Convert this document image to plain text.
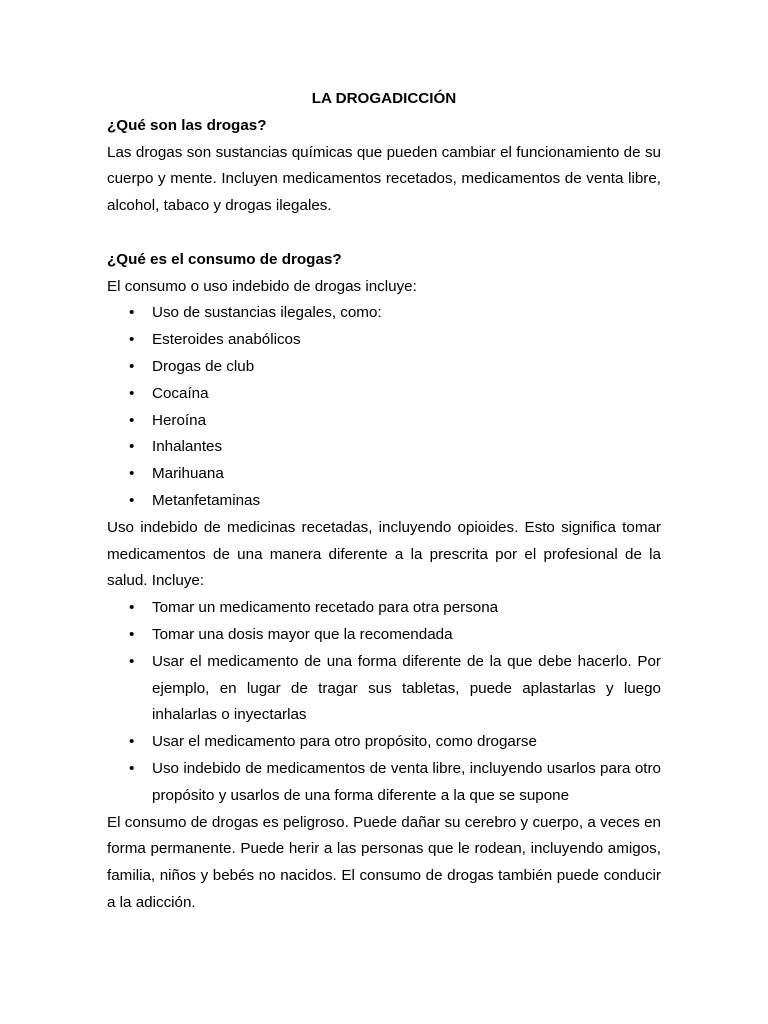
LA DROGADICCIÓN

¿Qué son las drogas?

Las drogas son sustancias químicas que pueden cambiar el funcionamiento de su cuerpo y mente. Incluyen medicamentos recetados, medicamentos de venta libre, alcohol, tabaco y drogas ilegales.

¿Qué es el consumo de drogas?

El consumo o uso indebido de drogas incluye:

• Uso de sustancias ilegales, como:
• Esteroides anabólicos
• Drogas de club
• Cocaína
• Heroína
• Inhalantes
• Marihuana
• Metanfetaminas

Uso indebido de medicinas recetadas, incluyendo opioides. Esto significa tomar medicamentos de una manera diferente a la prescrita por el profesional de la salud. Incluye:

• Tomar un medicamento recetado para otra persona
• Tomar una dosis mayor que la recomendada
• Usar el medicamento de una forma diferente de la que debe hacerlo. Por ejemplo, en lugar de tragar sus tabletas, puede aplastarlas y luego inhalarlas o inyectarlas
• Usar el medicamento para otro propósito, como drogarse
• Uso indebido de medicamentos de venta libre, incluyendo usarlos para otro propósito y usarlos de una forma diferente a la que se supone

El consumo de drogas es peligroso. Puede dañar su cerebro y cuerpo, a veces en forma permanente. Puede herir a las personas que le rodean, incluyendo amigos, familia, niños y bebés no nacidos. El consumo de drogas también puede conducir a la adicción.
